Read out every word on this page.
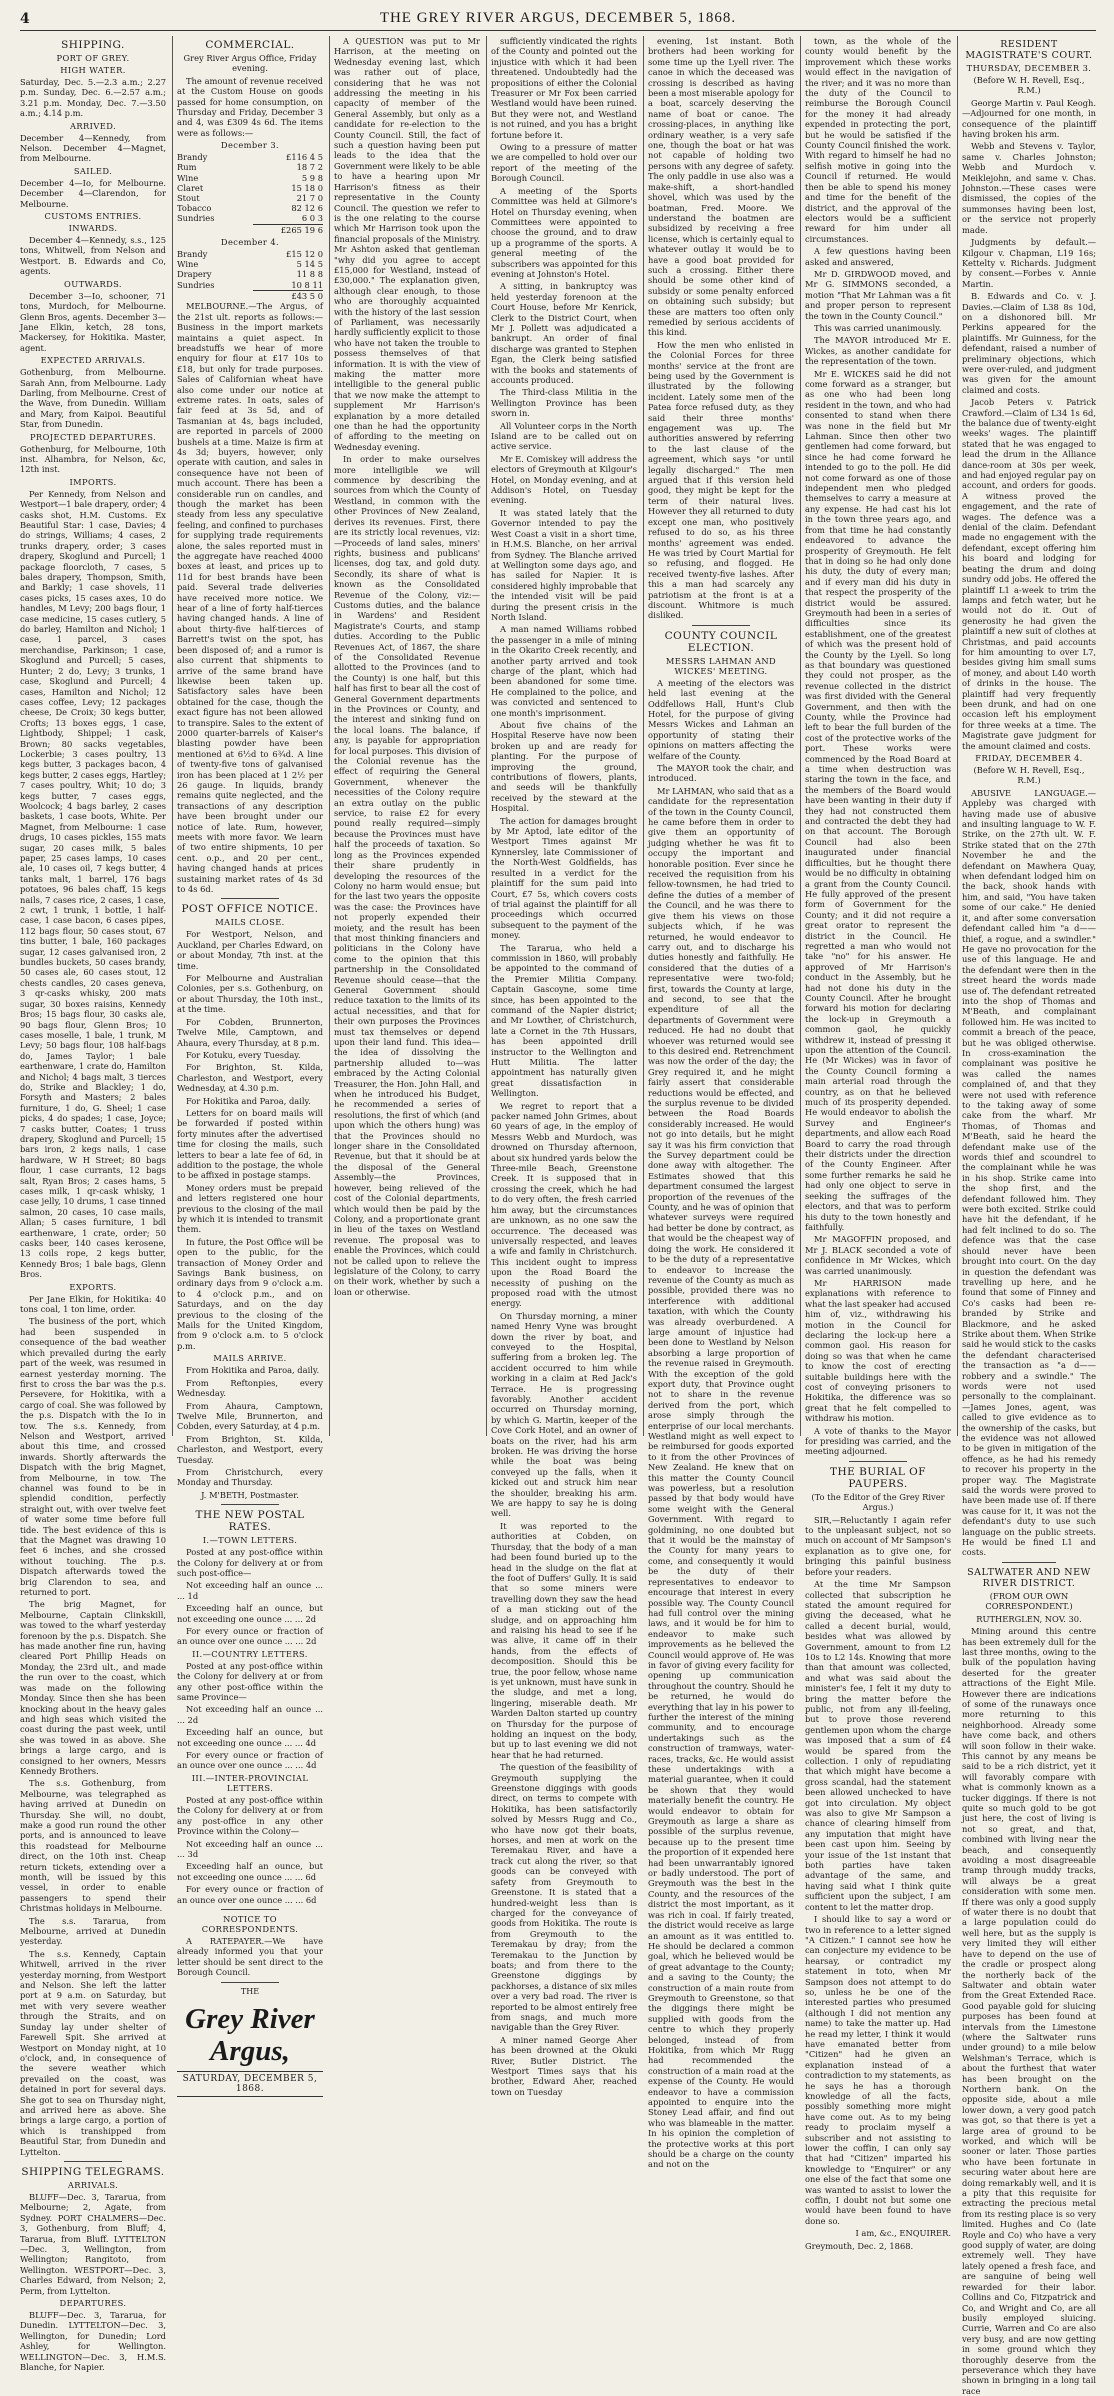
4	THE GREY RIVER ARGUS, DECEMBER 5, 1868.
SHIPPING.
PORT OF GREY.
HIGH WATER.

Saturday, Dec. 5.—2.3 a.m.; 2.27 p.m. Sunday, Dec. 6.—2.57 a.m.; 3.21 p.m. Monday, Dec. 7.—3.50 a.m.; 4.14 p.m.

ARRIVED.

December 4—Kennedy, from Nelson. December 4—Magnet, from Melbourne.

SAILED.

December 4—Io, for Melbourne. December 4—Clarendon, for Melbourne.

CUSTOMS ENTRIES.
INWARDS.

December 4—Kennedy, s.s., 125 tons, Whitwell, from Nelson and Westport. B. Edwards and Co, agents.

OUTWARDS.

December 3—Io, schooner, 71 tons, Murdoch, for Melbourne. Glenn Bros, agents. December 3—Jane Elkin, ketch, 28 tons, Mackersey, for Hokitika. Master, agent.

EXPECTED ARRIVALS.

Gothenburg, from Melbourne. Sarah Ann, from Melbourne. Lady Darling, from Melbourne. Crest of the Wave, from Dunedin. William and Mary, from Kaipoi. Beautiful Star, from Dunedin.

PROJECTED DEPARTURES.

Gothenburg, for Melbourne, 10th inst. Alhambra, for Nelson, &c, 12th inst.

IMPORTS.

Per Kennedy, from Nelson and Westport—1 bale drapery, order; 4 casks shot, H.M. Customs. Ex Beautiful Star: 1 case, Davies; 4 do strings, Williams; 4 cases, 2 trunks drapery, order; 3 cases drapery, Skoglund and Purcell; 1 package floorcloth, 7 cases, 5 bales drapery, Thompson, Smith, and Barkly; 1 case shovels, 11 cases picks, 15 cases axes, 10 do handles, M Levy; 200 bags flour, 1 case medicine, 15 cases cutlery, 5 do barley, Hamilton and Nichol; 1 case, 1 parcel, 3 cases merchandise, Parkinson; 1 case, Skoglund and Purcell; 5 cases, Hunter; 2 do, Levy; 3 trunks, 1 case, Skoglund and Purcell; 4 cases, Hamilton and Nichol; 12 cases coffee, Levy; 12 packages cheese, De Croix; 30 kegs butter, Crofts; 13 boxes eggs, 1 case, Lightbody, Shippel; 1 cask, Brown; 80 sacks vegetables, Lockerbie; 3 cases poultry, 13 kegs butter, 3 packages bacon, 4 kegs butter, 2 cases eggs, Hartley; 7 cases poultry, Whit; 10 do; 3 kegs butter, 7 cases eggs, Woolcock; 4 bags barley, 2 cases baskets, 1 case boots, White. Per Magnet, from Melbourne: 1 case drugs, 10 cases pickles, 155 mats sugar, 20 cases milk, 5 bales paper, 25 cases lamps, 10 cases ale, 10 cases oil, 7 kegs butter, 4 tanks malt, 1 barrel, 176 bags potatoes, 96 bales chaff, 15 kegs nails, 7 cases rice, 2 cases, 1 case, 2 cwt, 1 trunk, 1 bottle, 1 half-case, 1 case bacon, 6 cases pipes, 112 bags flour, 50 cases stout, 67 tins butter, 1 bale, 160 packages sugar, 12 cases galvanised iron, 2 bundles buckets, 50 cases brandy, 50 cases ale, 60 cases stout, 12 chests candles, 20 cases geneva, 3 qr-casks whisky, 200 mats sugar, 30 boxes raisins, Kennedy Bros; 15 bags flour, 30 casks ale, 90 bags flour, Glenn Bros; 10 cases moselle, 1 bale, 1 trunk, M Levy; 50 bags flour, 108 half-bags do, James Taylor; 1 bale earthenware, 1 crate do, Hamilton and Nichol; 4 bags malt, 3 tierces do, Strike and Blackley; 1 do, Forsyth and Masters; 2 bales furniture, 1 do, G. Sheel; 1 case picks, 4 do spades; 1 case, Joyce; 7 casks butter, Coates; 1 truss drapery, Skoglund and Purcell; 15 bars iron, 2 kegs nails, 1 case hardware, W H Street; 80 bags flour, 1 case currants, 12 bags salt, Ryan Bros; 2 cases hams, 5 cases milk, 1 qr-cask whisky, 1 case jelly, 10 drums, 1 case tinned salmon, 20 cases, 10 case mails, Allan; 5 cases furniture, 1 bdl earthenware, 1 crate, order; 50 casks beer, 140 cases kerosene, 13 coils rope, 2 kegs butter, Kennedy Bros; 1 bale bags, Glenn Bros.

EXPORTS.

Per Jane Elkin, for Hokitika: 40 tons coal, 1 ton lime, order.

The business of the port, which had been suspended in consequence of the bad weather which prevailed during the early part of the week, was resumed in earnest yesterday morning. The first to cross the bar was the p.s. Persevere, for Hokitika, with a cargo of coal. She was followed by the p.s. Dispatch with the Io in tow. The s.s. Kennedy, from Nelson and Westport, arrived about this time, and crossed inwards. Shortly afterwards the Dispatch with the brig Magnet, from Melbourne, in tow. The channel was found to be in splendid condition, perfectly straight out, with over twelve feet of water some time before full tide. The best evidence of this is that the Magnet was drawing 10 feet 6 inches, and she crossed without touching. The p.s. Dispatch afterwards towed the brig Clarendon to sea, and returned to port.

The brig Magnet, for Melbourne, Captain Clinkskill, was towed to the wharf yesterday forenoon by the p.s. Dispatch. She has made another fine run, having cleared Port Phillip Heads on Monday, the 23rd ult., and made the run over to the coast, which was made on the following Monday. Since then she has been knocking about in the heavy gales and high seas which visited the coast during the past week, until she was towed in as above. She brings a large cargo, and is consigned to her owners, Messrs Kennedy Brothers.

The s.s. Gothenburg, from Melbourne, was telegraphed as having arrived at Dunedin on Thursday. She will, no doubt, make a good run round the other ports, and is announced to leave this roadstead for Melbourne direct, on the 10th inst. Cheap return tickets, extending over a month, will be issued by this vessel, in order to enable passengers to spend their Christmas holidays in Melbourne.

The s.s. Tararua, from Melbourne, arrived at Dunedin yesterday.

The s.s. Kennedy, Captain Whitwell, arrived in the river yesterday morning, from Westport and Nelson. She left the latter port at 9 a.m. on Saturday, but met with very severe weather through the Straits, and on Sunday lay under shelter of Farewell Spit. She arrived at Westport on Monday night, at 10 o'clock, and, in consequence of the severe weather which prevailed on the coast, was detained in port for several days. She got to sea on Thursday night, and arrived here as above. She brings a large cargo, a portion of which is transhipped from Beautiful Star, from Dunedin and Lyttelton.

SHIPPING TELEGRAMS.
ARRIVALS.

BLUFF—Dec. 3, Tararua, from Melbourne; 2, Agate, from Sydney. PORT CHALMERS—Dec. 3, Gothenburg, from Bluff; 4, Tararua, from Bluff. LYTTELTON—Dec. 3, Wellington, from Wellington; Rangitoto, from Wellington. WESTPORT—Dec. 3, Charles Edward, from Nelson; 2, Perm, from Lyttelton.

DEPARTURES.

BLUFF—Dec. 3, Tararua, for Dunedin. LYTTELTON—Dec. 3, Wellington, for Dunedin; Lord Ashley, for Wellington. WELLINGTON—Dec. 3, H.M.S. Blanche, for Napier.

COMMERCIAL.

Grey River Argus Office, Friday evening.

The amount of revenue received at the Custom House on goods passed for home consumption, on Thursday and Friday, December 3 and 4, was £309 4s 6d. The items were as follows:—

December 3.
Brandy	£116 4 5
Rum	18 7 2
Wine	5 9 8
Claret	15 18 0
Stout	21 7 0
Tobacco	82 12 6
Sundries	6 0 3
£265 19 6
December 4.
Brandy	£15 12 0
Wine	5 14 5
Drapery	11 8 8
Sundries	10 8 11
£43 5 0

MELBOURNE.—The Argus, of the 21st ult. reports as follows:—Business in the import markets maintains a quiet aspect. In breadstuffs we hear of more enquiry for flour at £17 10s to £18, but only for trade purposes. Sales of Californian wheat have also come under our notice at extreme rates. In oats, sales of fair feed at 3s 5d, and of Tasmanian at 4s, bags included, are reported in parcels of 2000 bushels at a time. Maize is firm at 4s 3d; buyers, however, only operate with caution, and sales in consequence have not been of much account. There has been a considerable run on candles, and though the market has been steady from less any speculative feeling, and confined to purchases for supplying trade requirements alone, the sales reported must in the aggregate have reached 4000 boxes at least, and prices up to 11d for best brands have been paid. Several trade deliveries have received more notice. We hear of a line of forty half-tierces having changed hands. A line of about thirty-five half-tierces of Barrett's twist on the spot, has been disposed of; and a rumor is also current that shipments to arrive of the same brand have likewise been taken up. Satisfactory sales have been obtained for the case, though the exact figure has not been allowed to transpire. Sales to the extent of 2000 quarter-barrels of Kaiser's blasting powder have been mentioned at 6½d to 6¾d. A line of twenty-five tons of galvanised iron has been placed at 1 2½ per 26 gauge. In liquids, brandy remains quite neglected, and the transactions of any description have been brought under our notice of late. Rum, however, meets with more favor. We learn of two entire shipments, 10 per cent. o.p., and 20 per cent., having changed hands at prices sustaining market rates of 4s 3d to 4s 6d.

POST OFFICE NOTICE.
MAILS CLOSE.

For Westport, Nelson, and Auckland, per Charles Edward, on or about Monday, 7th inst. at the time.

For Melbourne and Australian Colonies, per s.s. Gothenburg, on or about Thursday, the 10th inst., at the time.

For Cobden, Brunnerton, Twelve Mile, Camptown, and Ahaura, every Thursday, at 8 p.m.

For Kotuku, every Tuesday.

For Brighton, St. Kilda, Charleston, and Westport, every Wednesday, at 4.30 p.m.

For Hokitika and Paroa, daily.

Letters for on board mails will be forwarded if posted within forty minutes after the advertised time for closing the mails, such letters to bear a late fee of 6d, in addition to the postage, the whole to be affixed in postage stamps.

Money orders must be prepaid and letters registered one hour previous to the closing of the mail by which it is intended to transmit them.

In future, the Post Office will be open to the public, for the transaction of Money Order and Savings Bank business, on ordinary days from 9 o'clock a.m. to 4 o'clock p.m., and on Saturdays, and on the day previous to the closing of the Mails for the United Kingdom, from 9 o'clock a.m. to 5 o'clock p.m.

MAILS ARRIVE.

From Hokitika and Paroa, daily.

From Reftonpies, every Wednesday.

From Ahaura, Camptown, Twelve Mile, Brunnerton, and Cobden, every Saturday, at 4 p.m.

From Brighton, St. Kilda, Charleston, and Westport, every Tuesday.

From Christchurch, every Monday and Thursday.

J. M'BETH, Postmaster.

THE NEW POSTAL RATES.
I.—TOWN LETTERS.

Posted at any post-office within the Colony for delivery at or from such post-office—

Not exceeding half an ounce ... ... 1d

Exceeding half an ounce, but not exceeding one ounce ... ... 2d

For every ounce or fraction of an ounce over one ounce ... ... 2d

II.—COUNTRY LETTERS.

Posted at any post-office within the Colony for delivery at or from any other post-office within the same Province—

Not exceeding half an ounce ... ... 2d

Exceeding half an ounce, but not exceeding one ounce ... ... 4d

For every ounce or fraction of an ounce over one ounce ... ... 4d

III.—INTER-PROVINCIAL LETTERS.

Posted at any post-office within the Colony for delivery at or from any post-office in any other Province within the Colony—

Not exceeding half an ounce ... ... 3d

Exceeding half an ounce, but not exceeding one ounce ... ... 6d

For every ounce or fraction of an ounce over one ounce ... ... 6d

NOTICE TO CORRESPONDENTS.

A RATEPAYER.—We have already informed you that your letter should be sent direct to the Borough Council.

THE

Grey River Argus,
SATURDAY, DECEMBER 5, 1868.

A QUESTION was put to Mr Harrison, at the meeting on Wednesday evening last, which was rather out of place, considering that he was not addressing the meeting in his capacity of member of the General Assembly, but only as a candidate for re-election to the County Council. Still, the fact of such a question having been put leads to the idea that the Government were likely to be able to have a hearing upon Mr Harrison's fitness as their representative in the County Council. The question we refer to is the one relating to the course which Mr Harrison took upon the financial proposals of the Ministry. Mr Ashton asked that gentleman "why did you agree to accept £15,000 for Westland, instead of £30,000." The explanation given, although clear enough, to those who are thoroughly acquainted with the history of the last session of Parliament, was necessarily hardly sufficiently explicit to those who have not taken the trouble to possess themselves of that information. It is with the view of making the matter more intelligible to the general public that we now make the attempt to supplement Mr Harrison's explanation by a more detailed one than he had the opportunity of affording to the meeting on Wednesday evening.

In order to make ourselves more intelligible we will commence by describing the sources from which the County of Westland, in common with the other Provinces of New Zealand, derives its revenues. First, there are its strictly local revenues, viz:—Proceeds of land sales, miners' rights, business and publicans' licenses, dog tax, and gold duty. Secondly, its share of what is known as the Consolidated Revenue of the Colony, viz:—Customs duties, and the balance in Wardens' and Resident Magistrate's Courts, and stamp duties. According to the Public Revenues Act, of 1867, the share of the Consolidated Revenue allotted to the Provinces (and to the County) is one half, but this half has first to bear all the cost of General Government departments in the Provinces or County, and the interest and sinking fund on the local loans. The balance, if any, is payable for appropriation for local purposes. This division of the Colonial revenue has the effect of requiring the General Government, whenever the necessities of the Colony require an extra outlay on the public service, to raise £2 for every pound really required—simply because the Provinces must have half the proceeds of taxation. So long as the Provinces expended their share prudently in developing the resources of the Colony no harm would ensue; but for the last two years the opposite was the case: the Provinces have not properly expended their moiety, and the result has been that most thinking financiers and politicians in the Colony have come to the opinion that this partnership in the Consolidated Revenue should cease—that the General Government should reduce taxation to the limits of its actual necessities, and that for their own purposes the Provinces must tax themselves or depend upon their land fund. This idea—the idea of dissolving the partnership alluded to—was embraced by the Acting Colonial Treasurer, the Hon. John Hall, and when he introduced his Budget, he recommended a series of resolutions, the first of which (and upon which the others hung) was that the Provinces should no longer share in the Consolidated Revenue, but that it should be at the disposal of the General Assembly—the Provinces, however, being relieved of the cost of the Colonial departments, which would then be paid by the Colony, and a proportionate grant in lieu of the taxes on Westland revenue. The proposal was to enable the Provinces, which could not be called upon to relieve the legislature of the Colony, to carry on their work, whether by such a loan or otherwise.

sufficiently vindicated the rights of the County and pointed out the injustice with which it had been threatened. Undoubtedly had the propositions of either the Colonial Treasurer or Mr Fox been carried Westland would have been ruined. But they were not, and Westland is not ruined, and you has a bright fortune before it.

Owing to a pressure of matter we are compelled to hold over our report of the meeting of the Borough Council.

A meeting of the Sports Committee was held at Gilmore's Hotel on Thursday evening, when Committees were appointed to choose the ground, and to draw up a programme of the sports. A general meeting of the subscribers was appointed for this evening at Johnston's Hotel.

A sitting, in bankruptcy was held yesterday forenoon at the Court House, before Mr Kenrick, Clerk to the District Court, when Mr J. Pollett was adjudicated a bankrupt. An order of final discharge was granted to Stephen Egan, the Clerk being satisfied with the books and statements of accounts produced.

The Third-class Militia in the Wellington Province has been sworn in.

All Volunteer corps in the North Island are to be called out on active service.

Mr E. Comiskey will address the electors of Greymouth at Kilgour's Hotel, on Monday evening, and at Addison's Hotel, on Tuesday evening.

It was stated lately that the Governor intended to pay the West Coast a visit in a short time, in H.M.S. Blanche, on her arrival from Sydney. The Blanche arrived at Wellington some days ago, and has sailed for Napier. It is considered highly improbable that the intended visit will be paid during the present crisis in the North Island.

A man named Williams robbed the passenger in a mile of mining in the Okarito Creek recently, and another party arrived and took charge of the plant, which had been abandoned for some time. He complained to the police, and was convicted and sentenced to one month's imprisonment.

About five chains of the Hospital Reserve have now been broken up and are ready for planting. For the purpose of improving the ground, contributions of flowers, plants, and seeds will be thankfully received by the steward at the Hospital.

The action for damages brought by Mr Aptod, late editor of the Westport Times against Mr Kynnersley, late Commissioner of the North-West Goldfields, has resulted in a verdict for the plaintiff for the sum paid into Court, £7 5s, which covers costs of trial against the plaintiff for all proceedings which occurred subsequent to the payment of the money.

The Tararua, who held a commission in 1860, will probably be appointed to the command of the Premier Militia Company. Captain Gascoyne, some time since, has been appointed to the command of the Napier district; and Mr Lowther, of Christchurch, late a Cornet in the 7th Hussars, has been appointed drill instructor to the Wellington and Hutt Militia. The latter appointment has naturally given great dissatisfaction in Wellington.

We regret to report that a packer named John Grimes, about 60 years of age, in the employ of Messrs Webb and Murdoch, was drowned on Thursday afternoon, about six hundred yards below the Three-mile Beach, Greenstone Creek. It is supposed that in crossing the creek, which he had to do very often, the fresh carried him away, but the circumstances are unknown, as no one saw the occurrence. The deceased was universally respected, and leaves a wife and family in Christchurch. This incident ought to impress upon the Road Board the necessity of pushing on the proposed road with the utmost energy.

On Thursday morning, a miner named Henry Vyne was brought down the river by boat, and conveyed to the Hospital, suffering from a broken leg. The accident occurred to him while working in a claim at Red Jack's Terrace. He is progressing favorably. Another accident occurred on Thursday morning, by which G. Martin, keeper of the Cove Cork Hotel, and an owner of boats on the river, had his arm broken. He was driving the horse while the boat was being conveyed up the falls, when it kicked out and struck him near the shoulder, breaking his arm. We are happy to say he is doing well.

It was reported to the authorities at Cobden, on Thursday, that the body of a man had been found buried up to the head in the sludge on the flat at the foot of Duffers' Gully. It is said that so some miners were travelling down they saw the head of a man sticking out of the sludge, and on approaching him and raising his head to see if he was alive, it came off in their hands, from the effects of decomposition. Should this be true, the poor fellow, whose name is yet unknown, must have sunk in the sludge, and met a long, lingering, miserable death. Mr Warden Dalton started up country on Thursday for the purpose of holding an inquest on the body, but up to last evening we did not hear that he had returned.

The question of the feasibility of Greymouth supplying the Greenstone diggings with goods direct, on terms to compete with Hokitika, has been satisfactorily solved by Messrs Rugg and Co., who have now got their boats, horses, and men at work on the Teremakau River, and have a track cut along the river, so that goods can be conveyed with safety from Greymouth to Greenstone. It is stated that a hundred-weight less than is charged for the conveyance of goods from Hokitika. The route is from Greymouth to the Teremakau by dray; from the Teremakau to the Junction by boats; and from there to the Greenstone diggings by packhorses, a distance of six miles over a very bad road. The river is reported to be almost entirely free from snags, and much more navigable than the Grey River.

A miner named George Aher has been drowned at the Okuki River, Butler District. The Westport Times says that his brother, Edward Aher, reached town on Tuesday

evening, 1st instant. Both brothers had been working for some time up the Lyell river. The canoe in which the deceased was crossing is described as having been a most miserable apology for a boat, scarcely deserving the name of boat or canoe. The crossing-places, in anything like ordinary weather, is a very safe one, though the boat or hat was not capable of holding two persons with any degree of safety. The only paddle in use also was a make-shift, a short-handled shovel, which was used by the boatman, Fred. Moore. We understand the boatmen are subsidized by receiving a free license, which is certainly equal to whatever outlay it would be to have a good boat provided for such a crossing. Either there should be some other kind of subsidy or some penalty enforced on obtaining such subsidy; but these are matters too often only remedied by serious accidents of this kind.

How the men who enlisted in the Colonial Forces for three months' service at the front are being used by the Government is illustrated by the following incident. Lately some men of the Patea force refused duty, as they said their three months' engagement was up. The authorities answered by referring to the last clause of the agreement, which says "or until legally discharged." The men argued that if this version held good, they might be kept for the term of their natural lives. However they all returned to duty except one man, who positively refused to do so, as his three months' agreement was ended. He was tried by Court Martial for so refusing, and flogged. He received twenty-five lashes. After this a man had scarcely any patriotism at the front is at a discount. Whitmore is much disliked.

COUNTY COUNCIL ELECTION.
MESSRS LAHMAN AND WICKES' MEETING.

A meeting of the electors was held last evening at the Oddfellows Hall, Hunt's Club Hotel, for the purpose of giving Messrs Wickes and Lahman an opportunity of stating their opinions on matters affecting the welfare of the County.

The MAYOR took the chair, and introduced.

Mr LAHMAN, who said that as a candidate for the representation of the town in the County Council, he came before them in order to give them an opportunity of judging whether he was fit to occupy the important and honorable position. Ever since he received the requisition from his fellow-townsmen, he had tried to define the duties of a member of the Council, and he was there to give them his views on those subjects which, if he was returned, he would endeavor to carry out, and to discharge his duties honestly and faithfully. He considered that the duties of a representative were two-fold; first, towards the County at large, and second, to see that the expenditure of all the departments of Government were reduced. He had no doubt that whoever was returned would see to this desired end. Retrenchment was now the order of the day; the Grey required it, and he might fairly assert that considerable reductions would be effected, and the surplus revenue to be divided between the Road Boards considerably increased. He would not go into details, but he might say it was his firm conviction that the Survey department could be done away with altogether. The Estimates showed that this department consumed the largest proportion of the revenues of the County, and he was of opinion that whatever surveys were required had better be done by contract, as that would be the cheapest way of doing the work. He considered it to be the duty of a representative to endeavor to increase the revenue of the County as much as possible, provided there was no interference with additional taxation, with which the County was already overburdened. A large amount of injustice had been done to Westland by Nelson absorbing a large proportion of the revenue raised in Greymouth. With the exception of the gold export duty, that Province ought not to share in the revenue derived from the port, which arose simply through the enterprise of our local merchants. Westland might as well expect to be reimbursed for goods exported to it from the other Provinces of New Zealand. He knew that on this matter the County Council was powerless, but a resolution passed by that body would have some weight with the General Government. With regard to goldmining, no one doubted but that it would be the mainstay of the County for many years to come, and consequently it would be the duty of their representatives to endeavor to encourage that interest in every possible way. The County Council had full control over the mining laws, and it would be for him to endeavor to make such improvements as he believed the Council would approve of. He was in favor of giving every facility for opening up communication throughout the country. Should he be returned, he would do everything that lay in his power to further the interest of the mining community, and to encourage undertakings such as the construction of tramways, water-races, tracks, &c. He would assist these undertakings with a material guarantee, when it could be shown that they would materially benefit the country. He would endeavor to obtain for Greymouth as large a share as possible of the surplus revenue, because up to the present time the proportion of it expended here had been unwarrantably ignored or badly understood. The port of Greymouth was the best in the County, and the resources of the district the most important, as it was rich in coal. If fairly treated, the district would receive as large an amount as it was entitled to. He should be declared a common goal, which he believed would be of great advantage to the County; and a saving to the County; the construction of a main route from Greymouth to Greenstone, so that the diggings there might be supplied with goods from the centre to which they properly belonged, instead of from Hokitika, from which Mr Rugg had recommended the construction of a main road at the expense of the County. He would endeavor to have a commission appointed to enquire into the Stoney Lead affair, and find out who was blameable in the matter. In his opinion the completion of the protective works at this port should be a charge on the county and not on the

town, as the whole of the county would benefit by the improvement which these works would effect in the navigation of the river; and it was no more than the duty of the Council to reimburse the Borough Council for the money it had already expended in protecting the port, but he would be satisfied if the County Council finished the work. With regard to himself he had no selfish motive in going into the Council if returned. He would then be able to spend his money and time for the benefit of the district, and the approval of the electors would be a sufficient reward for him under all circumstances.

A few questions having been asked and answered,

Mr D. GIRDWOOD moved, and Mr G. SIMMONS seconded, a motion "That Mr Lahman was a fit and proper person to represent the town in the County Council."

This was carried unanimously.

The MAYOR introduced Mr E. Wickes, as another candidate for the representation of the town.

Mr E. WICKES said he did not come forward as a stranger, but as one who had been long resident in the town, and who had consented to stand when there was none in the field but Mr Lahman. Since then other two gentlemen had come forward, but since he had come forward he intended to go to the poll. He did not come forward as one of those independent men who pledged themselves to carry a measure at any expense. He had cast his lot in the town three years ago, and from that time he had constantly endeavored to advance the prosperity of Greymouth. He felt that in doing so he had only done his duty, the duty of every man; and if every man did his duty in that respect the prosperity of the district would be assured. Greymouth had been in a series of difficulties since its establishment, one of the greatest of which was the present hold of the County by the Lyell. So long as that boundary was questioned they could not prosper, as the revenue collected in the district was first divided with the General Government, and then with the County, while the Province had left to bear the full burden of the cost of the protective works of the port. These works were commenced by the Road Board at a time when destruction was staring the town in the face, and the members of the Board would have been wanting in their duty if they had not constructed them and contracted the debt they had on that account. The Borough Council had also been inaugurated under financial difficulties, but he thought there would be no difficulty in obtaining a grant from the County Council. He fully approved of the present form of Government for the County; and it did not require a great orator to represent the district in the Council. He regretted a man who would not take "no" for his answer. He approved of Mr Harrison's conduct in the Assembly, but he had not done his duty in the County Council. After he brought forward his motion for declaring the lock-up in Greymouth a common gaol, he quickly withdrew it, instead of pressing it upon the attention of the Council. He (Mr Wickes) was in favor of the County Council forming a main arterial road through the country, as on that he believed much of its prosperity depended. He would endeavor to abolish the Survey and Engineer's departments, and allow each Road Board to carry the road through their districts under the direction of the County Engineer. After some further remarks he said he had only one object to serve in seeking the suffrages of the electors, and that was to perform his duty to the town honestly and faithfully.

Mr MAGOFFIN proposed, and Mr J. BLACK seconded a vote of confidence in Mr Wickes, which was carried unanimously.

Mr HARRISON made explanations with reference to what the last speaker had accused him of, viz., withdrawing his motion in the Council for declaring the lock-up here a common gaol. His reason for doing so was that when he came to know the cost of erecting suitable buildings here with the cost of conveying prisoners to Hokitika, the difference was so great that he felt compelled to withdraw his motion.

A vote of thanks to the Mayor for presiding was carried, and the meeting adjourned.

THE BURIAL OF PAUPERS.

(To the Editor of the Grey River Argus.)

SIR,—Reluctantly I again refer to the unpleasant subject, not so much on account of Mr Sampson's explanation as to give one, for bringing this painful business before your readers.

At the time Mr Sampson collected that subscription he stated the amount required for giving the deceased, what he called a decent burial, would, besides what was allowed by Government, amount to from L2 10s to L2 14s. Knowing that more than that amount was collected, and what was said about the minister's fee, I felt it my duty to bring the matter before the public, not from any ill-feeling, but to prove those reverend gentlemen upon whom the charge was imposed that a sum of £4 would be spared from the collection. I only of repudiating that which might have become a gross scandal, had the statement been allowed unchecked to have got into circulation. My object was also to give Mr Sampson a chance of clearing himself from any imputation that might have been cast upon him. Seeing by your issue of the 1st instant that both parties have taken advantage of the same, and having said what I think quite sufficient upon the subject, I am content to let the matter drop.

I should like to say a word or two in reference to a letter signed "A Citizen." I cannot see how he can conjecture my evidence to be hearsay, or contradict my statement in toto, when Mr Sampson does not attempt to do so, unless he be one of the interested parties who presumed (although I did not mention any name) to take the matter up. Had he read my letter, I think it would have emanated better from "Citizen" had he given an explanation instead of a contradiction to my statements, as he says he has a thorough knowledge of all the facts, possibly something more might have come out. As to my being ready to proclaim myself a subscriber and not assisting to lower the coffin, I can only say that had "Citizen" imparted his knowledge to "Enquirer" or any one else of the fact that some one was wanted to assist to lower the coffin, I doubt not but some one would have been found to have done so.

I am, &c., ENQUIRER.

Greymouth, Dec. 2, 1868.

RESIDENT MAGISTRATE'S COURT.
THURSDAY, DECEMBER 3.

(Before W. H. Revell, Esq., R.M.)

George Martin v. Paul Keogh.—Adjourned for one month, in consequence of the plaintiff having broken his arm.

Webb and Stevens v. Taylor, same v. Charles Johnston; Webb and Murdoch v. Meiklejohn, and same v. Chas. Johnston.—These cases were dismissed, the copies of the summonses having been lost, or the service not properly made.

Judgments by default.—Kilgour v. Chapman, L19 16s; Kettelty v. Richards. Judgment by consent.—Forbes v. Annie Martin.

B. Edwards and Co. v. J. Davies.—Claim of L38 8s 10d, on a dishonored bill. Mr Perkins appeared for the plaintiffs. Mr Guinness, for the defendant, raised a number of preliminary objections, which were over-ruled, and judgment was given for the amount claimed and costs.

Jacob Peters v. Patrick Crawford.—Claim of L34 1s 6d, the balance due of twenty-eight weeks' wages. The plaintiff stated that he was engaged to lead the drum in the Alliance dance-room at 30s per week, and had enjoyed regular pay on account, and orders for goods. A witness proved the engagement, and the rate of wages. The defence was a denial of the claim. Defendant made no engagement with the defendant, except offering him his board and lodging for beating the drum and doing sundry odd jobs. He offered the plaintiff L1 a-week to trim the lamps and fetch water, but he would not do it. Out of generosity he had given the plaintiff a new suit of clothes at Christmas, and paid accounts for him amounting to over L7, besides giving him small sums of money, and about L40 worth of drinks in the house. The plaintiff had very frequently been drunk, and had on one occasion left his employment for three weeks at a time. The Magistrate gave judgment for the amount claimed and costs.

FRIDAY, DECEMBER 4.

(Before W. H. Revell, Esq., R.M.)

ABUSIVE LANGUAGE.—Appleby was charged with having made use of abusive and insulting language to W. F. Strike, on the 27th ult. W. F. Strike stated that on the 27th November he and the defendant on Mawhera Quay, when defendant lodged him on the back, shook hands with him, and said, "You have taken some of our cake." He denied it, and after some conversation defendant called him "a d—— thief, a rogue, and a swindler." He gave no provocation for the use of this language. He and the defendant were then in the street heard the words made use of. The defendant retreated into the shop of Thomas and M'Beath, and complainant followed him. He was incited to commit a breach of the peace, but he was obliged otherwise. In cross-examination the complainant was positive he was called the names complained of, and that they were not used with reference to the taking away of some cake from the wharf. Mr Thomas, of Thomas and M'Beath, said he heard the defendant make use of the words thief and scoundrel to the complainant while he was in his shop. Strike came into the shop first, and the defendant followed him. They were both excited. Strike could have hit the defendant, if he had felt inclined to do so. The defence was that the case should never have been brought into court. On the day in question the defendant was travelling up here, and he found that some of Finney and Co's casks had been re-branded by Strike and Blackmore, and he asked Strike about them. When Strike said he would stick to the casks the defendant characterised the transaction as "a d—— robbery and a swindle." The words were not used personally to the complainant.—James Jones, agent, was called to give evidence as to the ownership of the casks, but the evidence was not allowed to be given in mitigation of the offence, as he had his remedy to recover his property in the proper way. The Magistrate said the words were proved to have been made use of. If there was cause for it, it was not the defendant's duty to use such language on the public streets. He would be fined L1 and costs.

SALTWATER AND NEW RIVER DISTRICT.

(FROM OUR OWN CORRESPONDENT.)

RUTHERGLEN, NOV. 30.

Mining around this centre has been extremely dull for the last three months, owing to the bulk of the population having deserted for the greater attractions of the Eight Mile. However there are indications of some of the runaways once more returning to this neighborhood. Already some have come back, and others will soon follow in their wake. This cannot by any means be said to be a rich district, yet it will favorably compare with what is commonly known as a tucker diggings. If there is not quite so much gold to be got just here, the cost of living is not so great, and that, combined with living near the beach, and consequently avoiding a most disagreeable tramp through muddy tracks, will always be a great consideration with some men. If there was only a good supply of water there is no doubt that a large population could do well here, but as the supply is very limited they will either have to depend on the use of the cradle or prospect along the northerly back of the Saltwater and obtain water from the Great Extended Race. Good payable gold for sluicing purposes has been found at intervals from the Limestone (where the Saltwater runs under ground) to a mile below Welshman's Terrace, which is about the furthest that water has been brought on the Northern bank. On the opposite side, about a mile lower down, a very good patch was got, so that there is yet a large area of ground to be worked, and which will be sooner or later. Those parties who have been fortunate in securing water about here are doing remarkably well, and it is a pity that this requisite for extracting the precious metal from its resting place is so very limited. Hughes and Co (late Royle and Co) who have a very good supply of water, are doing extremely well. They have lately opened a fresh face, and are sanguine of being well rewarded for their labor. Collins and Co, Fitzpatrick and Co, and Wright and Co, are all busily employed sluicing. Currie, Warren and Co are also very busy, and are now getting in some ground which they thoroughly deserve from the perseverance which they have shown in bringing in a long tail race
